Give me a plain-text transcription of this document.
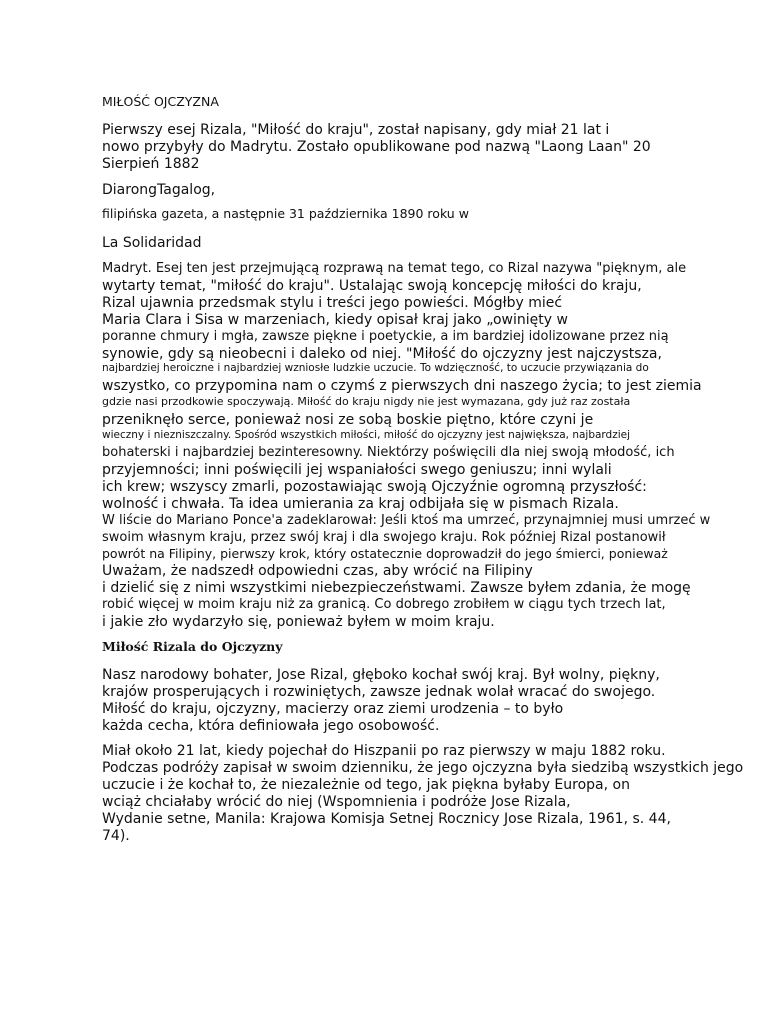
MIŁOŚĆ OJCZYZNA

Pierwszy esej Rizala, "Miłość do kraju", został napisany, gdy miał 21 lat i

nowo przybyły do Madrytu. Zostało opublikowane pod nazwą "Laong Laan" 20

Sierpień 1882

DiarongTagalog,

filipińska gazeta, a następnie 31 października 1890 roku w

La Solidaridad

Madryt. Esej ten jest przejmującą rozprawą na temat tego, co Rizal nazywa "pięknym, ale

wytarty temat, "miłość do kraju". Ustalając swoją koncepcję miłości do kraju,

Rizal ujawnia przedsmak stylu i treści jego powieści. Mógłby mieć

Maria Clara i Sisa w marzeniach, kiedy opisał kraj jako „owinięty w

poranne chmury i mgła, zawsze piękne i poetyckie, a im bardziej idolizowane przez nią

synowie, gdy są nieobecni i daleko od niej. "Miłość do ojczyzny jest najczystsza,

najbardziej heroiczne i najbardziej wzniosłe ludzkie uczucie. To wdzięczność, to uczucie przywiązania do

wszystko, co przypomina nam o czymś z pierwszych dni naszego życia; to jest ziemia

gdzie nasi przodkowie spoczywają. Miłość do kraju nigdy nie jest wymazana, gdy już raz została

przeniknęło serce, ponieważ nosi ze sobą boskie piętno, które czyni je

wieczny i niezniszczalny. Spośród wszystkich miłości, miłość do ojczyzny jest największa, najbardziej

bohaterski i najbardziej bezinteresowny. Niektórzy poświęcili dla niej swoją młodość, ich

przyjemności; inni poświęcili jej wspaniałości swego geniuszu; inni wylali

ich krew; wszyscy zmarli, pozostawiając swoją Ojczyźnie ogromną przyszłość:

wolność i chwała. Ta idea umierania za kraj odbijała się w pismach Rizala.

W liście do Mariano Ponce'a zadeklarował: Jeśli ktoś ma umrzeć, przynajmniej musi umrzeć w

swoim własnym kraju, przez swój kraj i dla swojego kraju. Rok później Rizal postanowił

powrót na Filipiny, pierwszy krok, który ostatecznie doprowadził do jego śmierci, ponieważ

Uważam, że nadszedł odpowiedni czas, aby wrócić na Filipiny

i dzielić się z nimi wszystkimi niebezpieczeństwami. Zawsze byłem zdania, że mogę

robić więcej w moim kraju niż za granicą. Co dobrego zrobiłem w ciągu tych trzech lat,

i jakie zło wydarzyło się, ponieważ byłem w moim kraju.

Miłość Rizala do Ojczyzny

Nasz narodowy bohater, Jose Rizal, głęboko kochał swój kraj. Był wolny, piękny,

krajów prosperujących i rozwiniętych, zawsze jednak wolał wracać do swojego.

Miłość do kraju, ojczyzny, macierzy oraz ziemi urodzenia – to było

każda cecha, która definiowała jego osobowość.

Miał około 21 lat, kiedy pojechał do Hiszpanii po raz pierwszy w maju 1882 roku.

Podczas podróży zapisał w swoim dzienniku, że jego ojczyzna była siedzibą wszystkich jego

uczucie i że kochał to, że niezależnie od tego, jak piękna byłaby Europa, on

wciąż chciałaby wrócić do niej (Wspomnienia i podróże Jose Rizala,

Wydanie setne, Manila: Krajowa Komisja Setnej Rocznicy Jose Rizala, 1961, s. 44,

74).
